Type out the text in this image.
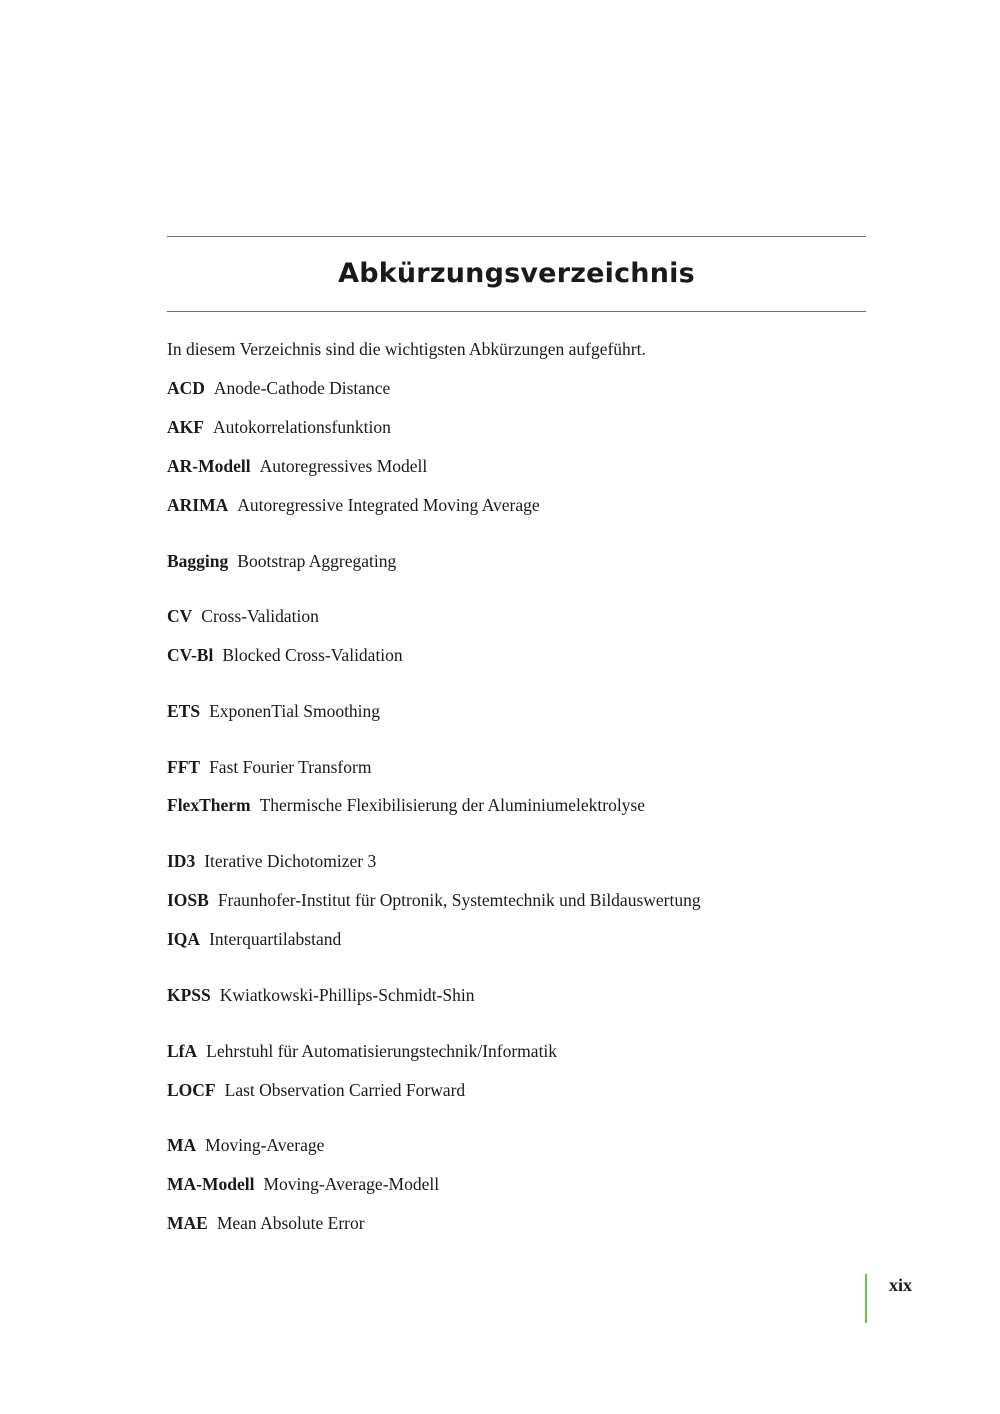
Abkürzungsverzeichnis

In diesem Verzeichnis sind die wichtigsten Abkürzungen aufgeführt.

ACD Anode-Cathode Distance
AKF Autokorrelationsfunktion
AR-Modell Autoregressives Modell
ARIMA Autoregressive Integrated Moving Average
Bagging Bootstrap Aggregating
CV Cross-Validation
CV-Bl Blocked Cross-Validation
ETS ExponenTial Smoothing
FFT Fast Fourier Transform
FlexTherm Thermische Flexibilisierung der Aluminiumelektrolyse
ID3 Iterative Dichotomizer 3
IOSB Fraunhofer-Institut für Optronik, Systemtechnik und Bildauswertung
IQA Interquartilabstand
KPSS Kwiatkowski-Phillips-Schmidt-Shin
LfA Lehrstuhl für Automatisierungstechnik/Informatik
LOCF Last Observation Carried Forward
MA Moving-Average
MA-Modell Moving-Average-Modell
MAE Mean Absolute Error
xix
